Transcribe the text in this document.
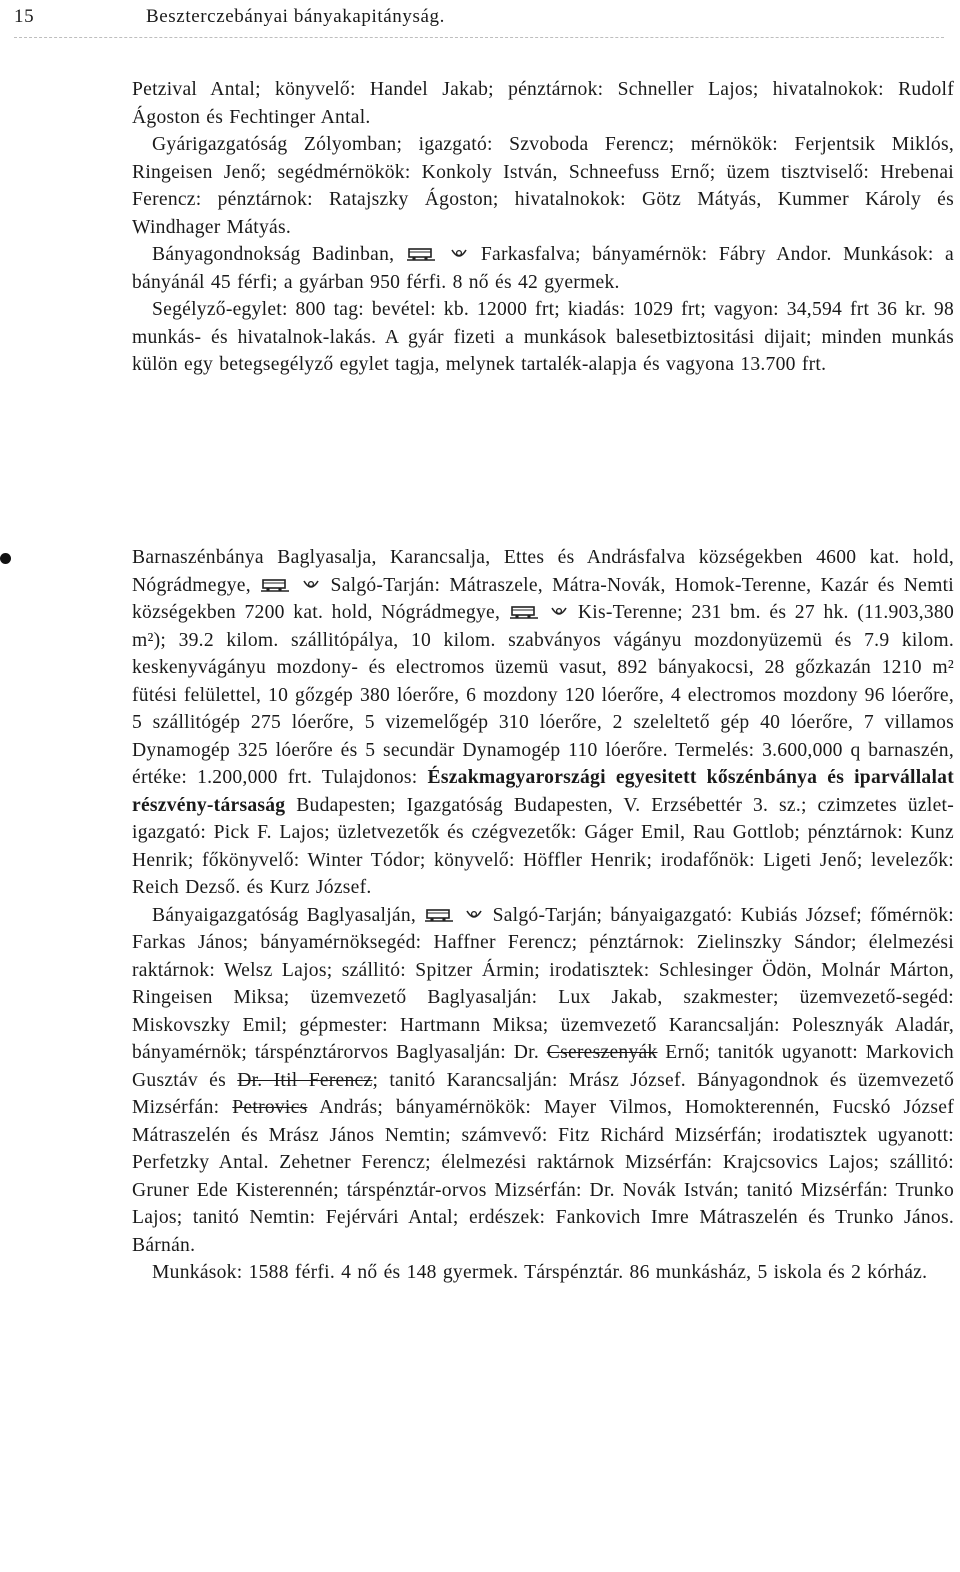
15	Beszterczebányai bányakapitányság.

Petzival Antal; könyvelő: Handel Jakab; pénztárnok: Schneller Lajos; hivatalnokok: Rudolf Ágoston és Fechtinger Antal.

Gyárigazgatóság Zólyomban; igazgató: Szvoboda Ferencz; mérnökök: Ferjentsik Miklós, Ringeisen Jenő; segédmérnökök: Konkoly István, Schneefuss Ernő; üzem tisztviselő: Hrebenai Ferencz: pénztárnok: Ratajszky Ágoston; hivatalnokok: Götz Mátyás, Kummer Károly és Windhager Mátyás.

Bányagondnokság Badinban,	Farkasfalva; bányamérnök: Fábry Andor. Munkások: a bányánál 45 férfi; a gyárban 950 férfi. 8 nő és 42 gyermek.

Segélyző-egylet: 800 tag: bevétel: kb. 12000 frt; kiadás: 1029 frt; vagyon: 34,594 frt 36 kr. 98 munkás- és hivatalnok-lakás. A gyár fizeti a munkások balesetbiztositási dijait; minden munkás külön egy betegsegélyző egylet tagja, melynek tartalék-alapja és vagyona 13.700 frt.

Barnaszénbánya Baglyasalja, Karancsalja, Ettes és Andrásfalva községekben 4600 kat. hold, Nógrádmegye,	Salgó-Tarján: Mátraszele, Mátra-Novák, Homok-Terenne, Kazár és Nemti községekben 7200 kat. hold, Nógrádmegye,	Kis-Terenne; 231 bm. és 27 hk. (11.903,380 m²); 39.2 kilom. szállitópálya, 10 kilom. szabványos vágányu mozdonyüzemü és 7.9 kilom. keskenyvágányu mozdony- és electromos üzemü vasut, 892 bányakocsi, 28 gőzkazán 1210 m² fütési felülettel, 10 gőzgép 380 lóerőre, 6 mozdony 120 lóerőre, 4 electromos mozdony 96 lóerőre, 5 szállitógép 275 lóerőre, 5 vizemelőgép 310 lóerőre, 2 szeleltető gép 40 lóerőre, 7 villamos Dynamogép 325 lóerőre és 5 secundär Dynamogép 110 lóerőre. Termelés: 3.600,000 q barnaszén, értéke: 1.200,000 frt. Tulajdonos: Északmagyarországi egyesitett kőszénbánya és iparvállalat részvény-társaság Budapesten; Igazgatóság Budapesten, V. Erzsébettér 3. sz.; czimzetes üzlet-igazgató: Pick F. Lajos; üzletvezetők és czégvezetők: Gáger Emil, Rau Gottlob; pénztárnok: Kunz Henrik; főkönyvelő: Winter Tódor; könyvelő: Höffler Henrik; irodafőnök: Ligeti Jenő; levelezők: Reich Dezső. és Kurz József.

Bányaigazgatóság Baglyasalján,	Salgó-Tarján; bányaigazgató: Kubiás József; főmérnök: Farkas János; bányamérnöksegéd: Haffner Ferencz; pénztárnok: Zielinszky Sándor; élelmezési raktárnok: Welsz Lajos; szállitó: Spitzer Ármin; irodatisztek: Schlesinger Ödön, Molnár Márton, Ringeisen Miksa; üzemvezető Baglyasalján: Lux Jakab, szakmester; üzemvezető-segéd: Miskovszky Emil; gépmester: Hartmann Miksa; üzemvezető Karancsalján: Polesznyák Aladár, bányamérnök; társpénztárorvos Baglyasalján: Dr. Csereszenyák Ernő; tanitók ugyanott: Markovich Gusztáv és Dr. Itil Ferencz; tanitó Karancsalján: Mrász József. Bányagondnok és üzemvezető Mizsérfán: Petrovics András; bányamérnökök: Mayer Vilmos, Homokterennén, Fucskó József Mátraszelén és Mrász János Nemtin; számvevő: Fitz Richárd Mizsérfán; irodatisztek ugyanott: Perfetzky Antal. Zehetner Ferencz; élelmezési raktárnok Mizsérfán: Krajcsovics Lajos; szállitó: Gruner Ede Kisterennén; társpénztár-orvos Mizsérfán: Dr. Novák István; tanitó Mizsérfán: Trunko Lajos; tanitó Nemtin: Fejérvári Antal; erdészek: Fankovich Imre Mátraszelén és Trunko János. Bárnán.

Munkások: 1588 férfi. 4 nő és 148 gyermek. Társpénztár. 86 munkásház, 5 iskola és 2 kórház.
